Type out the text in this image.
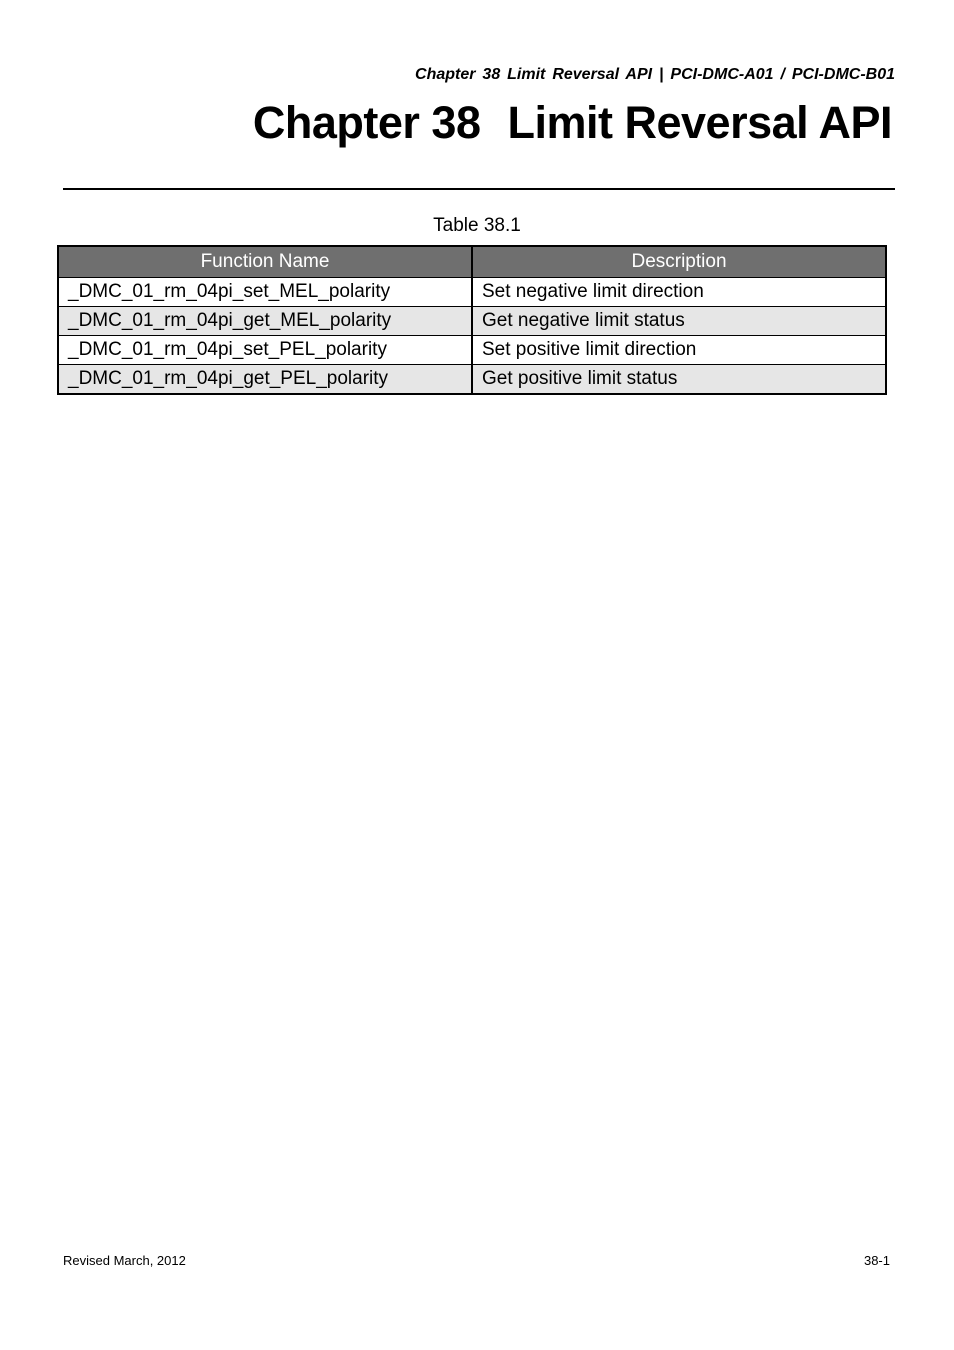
Chapter 38 Limit Reversal API | PCI-DMC-A01 / PCI-DMC-B01
Chapter 38 Limit Reversal API
Table 38.1
Function Name	Description
_DMC_01_rm_04pi_set_MEL_polarity	Set negative limit direction
_DMC_01_rm_04pi_get_MEL_polarity	Get negative limit status
_DMC_01_rm_04pi_set_PEL_polarity	Set positive limit direction
_DMC_01_rm_04pi_get_PEL_polarity	Get positive limit status
Revised March, 2012	38-1
